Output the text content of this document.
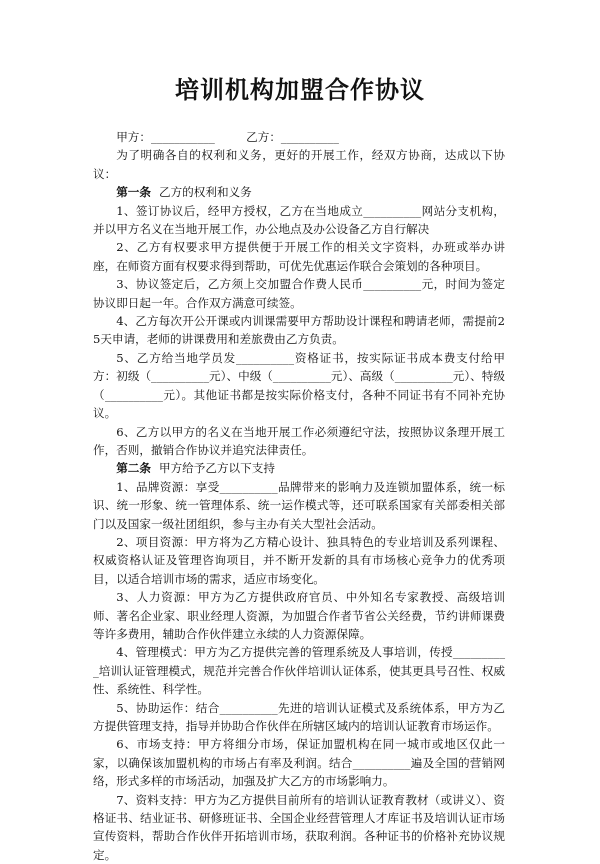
培训机构加盟合作协议

甲方：___________	乙方：__________

为了明确各自的权利和义务，更好的开展工作，经双方协商，达成以下协议：

第一条 乙方的权利和义务

1、签订协议后，经甲方授权，乙方在当地成立__________网站分支机构，并以甲方名义在当地开展工作，办公地点及办公设备乙方自行解决

2、乙方有权要求甲方提供便于开展工作的相关文字资料，办班或举办讲座，在师资方面有权要求得到帮助，可优先优惠运作联合会策划的各种项目。

3、协议签定后，乙方须上交加盟合作费人民币__________元，时间为签定协议即日起一年。合作双方满意可续签。

4、乙方每次开公开课或内训课需要甲方帮助设计课程和聘请老师，需提前25天申请，老师的讲课费用和差旅费由乙方负责。

5、乙方给当地学员发__________资格证书，按实际证书成本费支付给甲方：初级（__________元）、中级（__________元）、高级（__________元）、特级（__________元）。其他证书都是按实际价格支付，各种不同证书有不同补充协议。

6、乙方以甲方的名义在当地开展工作必须遵纪守法，按照协议条理开展工作，否则，撤销合作协议并追究法律责任。

第二条 甲方给予乙方以下支持

1、品牌资源：享受__________品牌带来的影响力及连锁加盟体系，统一标识、统一形象、统一管理体系、统一运作模式等，还可联系国家有关部委相关部门以及国家一级社团组织，参与主办有关大型社会活动。

2、项目资源：甲方将为乙方精心设计、独具特色的专业培训及系列课程、权威资格认证及管理咨询项目，并不断开发新的具有市场核心竞争力的优秀项目，以适合培训市场的需求，适应市场变化。

3、人力资源：甲方为乙方提供政府官员、中外知名专家教授、高级培训师、著名企业家、职业经理人资源，为加盟合作者节省公关经费，节约讲师课费等许多费用，辅助合作伙伴建立永续的人力资源保障。

4、管理模式：甲方为乙方提供完善的管理系统及人事培训，传授__________培训认证管理模式，规范并完善合作伙伴培训认证体系，使其更具号召性、权威性、系统性、科学性。

5、协助运作：结合__________先进的培训认证模式及系统体系，甲方为乙方提供管理支持，指导并协助合作伙伴在所辖区域内的培训认证教育市场运作。

6、市场支持：甲方将细分市场，保证加盟机构在同一城市或地区仅此一家，以确保该加盟机构的市场占有率及利润。结合__________遍及全国的营销网络，形式多样的市场活动，加强及扩大乙方的市场影响力。

7、资料支持：甲方为乙方提供目前所有的培训认证教育教材（或讲义）、资格证书、结业证书、研修班证书、全国企业经营管理人才库证书及培训认证市场宣传资料，帮助合作伙伴开拓培训市场，获取利润。各种证书的价格补充协议规定。
